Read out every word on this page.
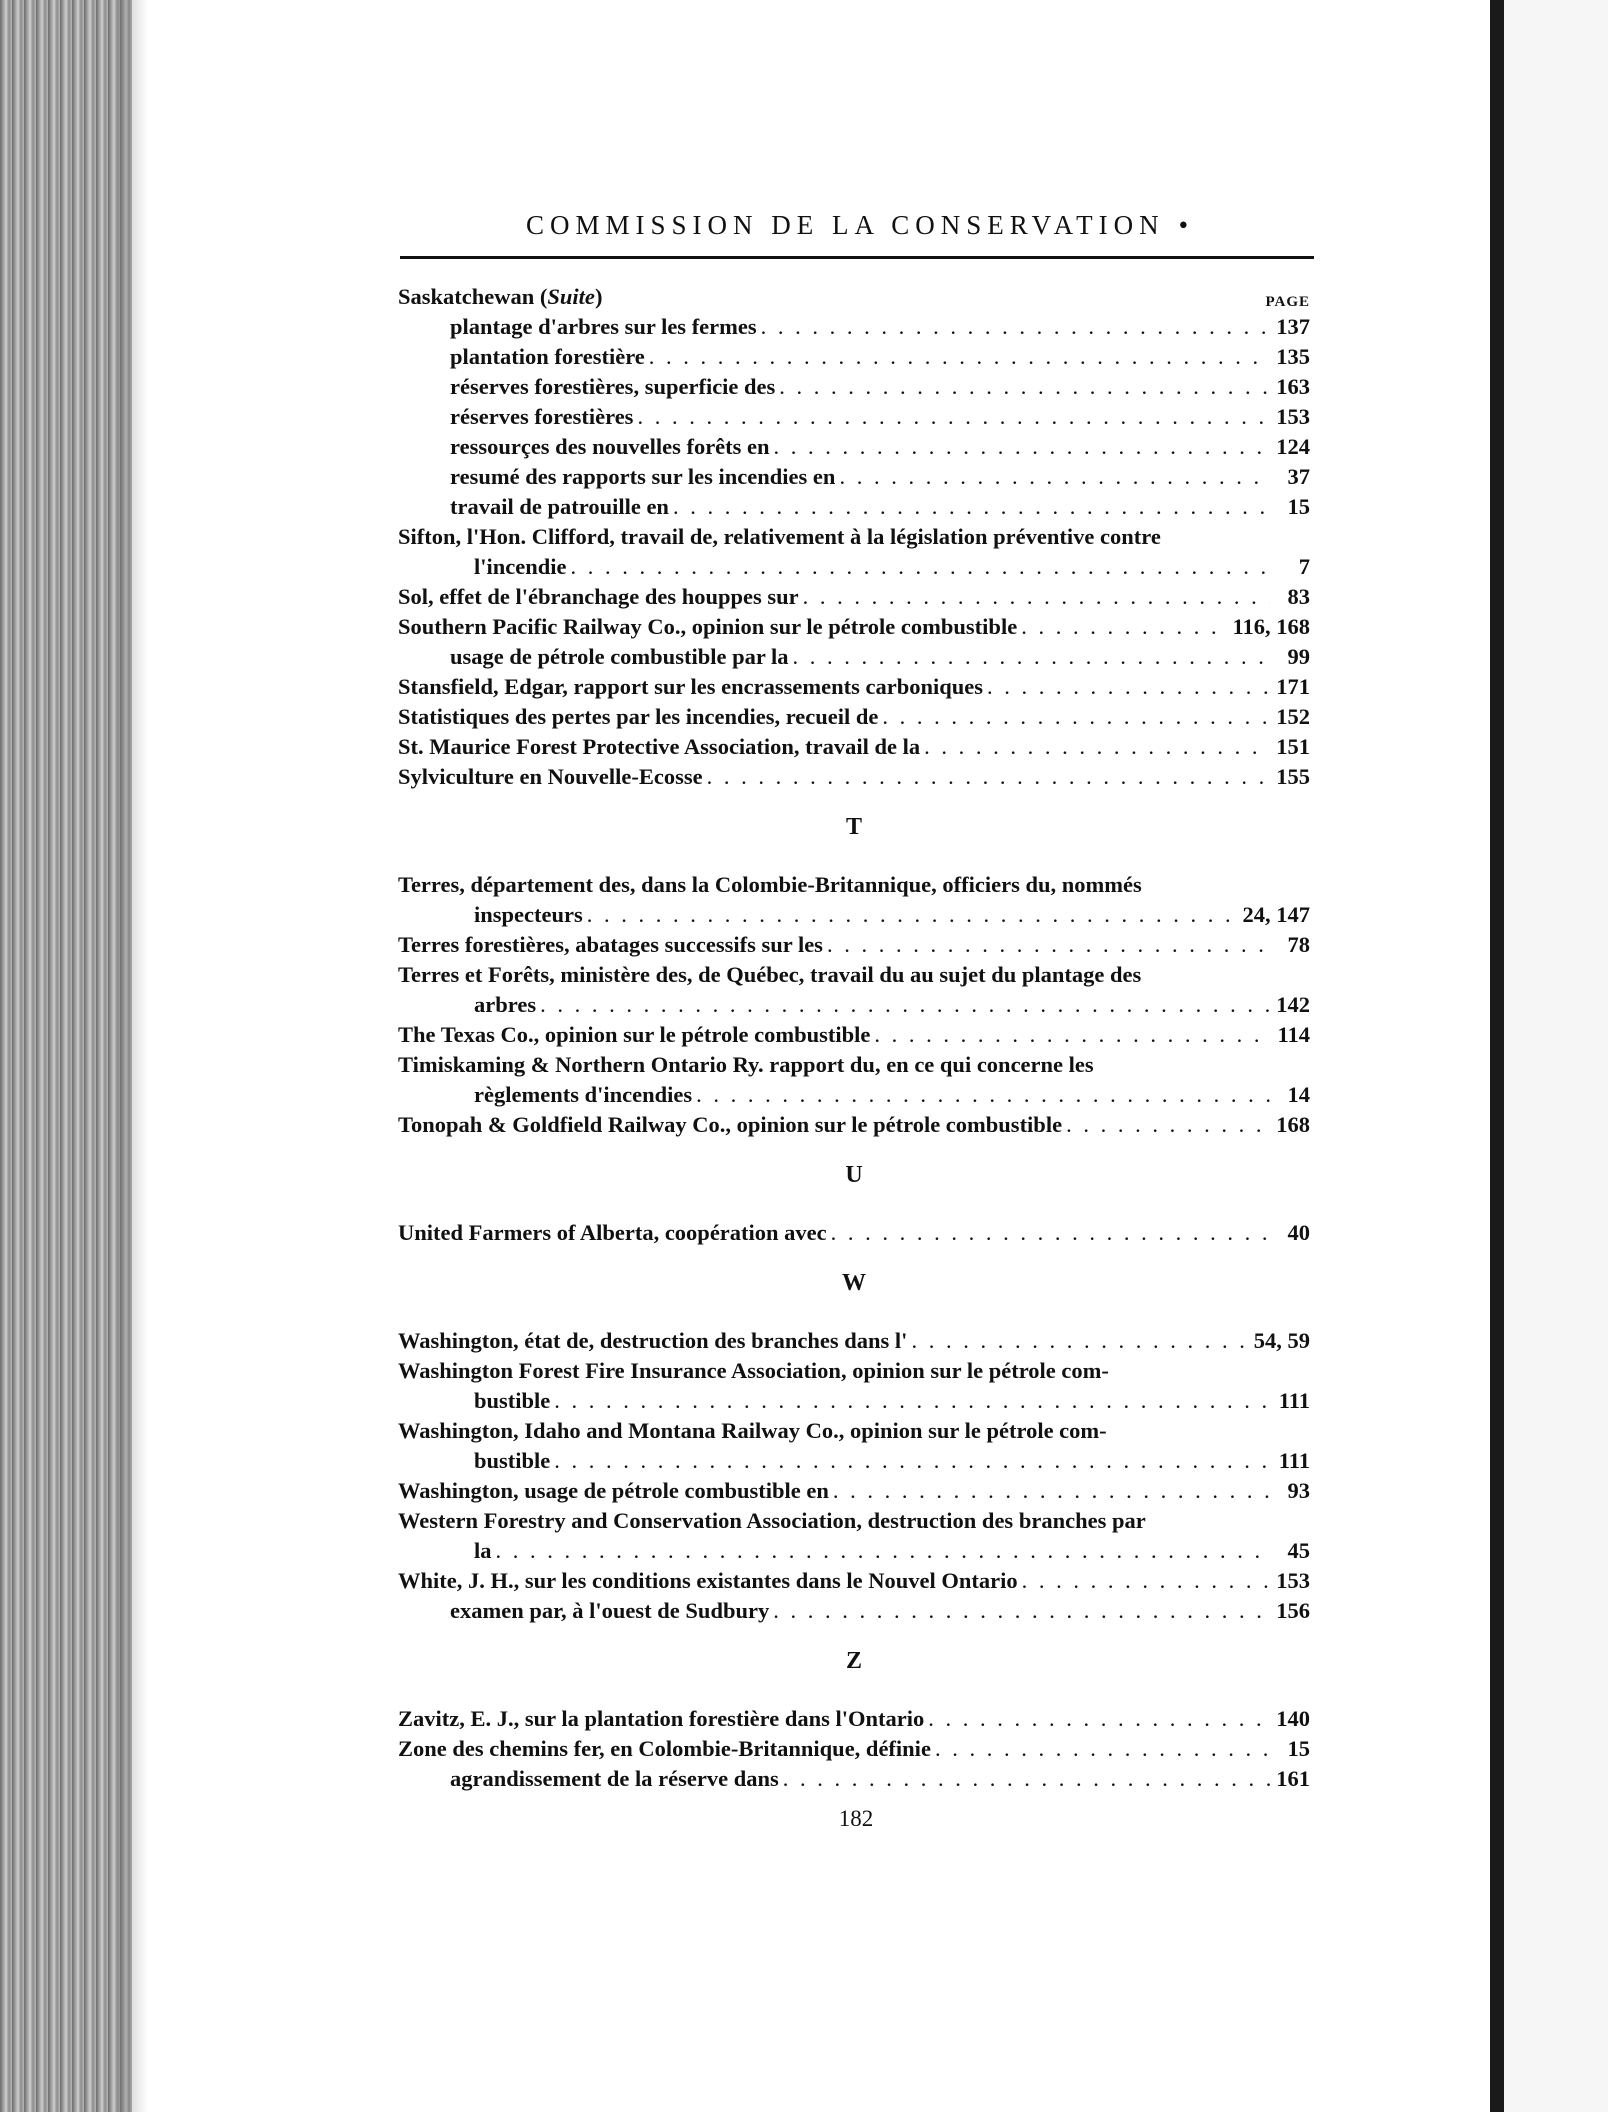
COMMISSION DE LA CONSERVATION •
PAGE
Saskatchewan (Suite)
plantage d'arbres sur les fermes . . .	137
plantation forestière . . .	135
réserves forestières, superficie des . . .	163
réserves forestières . . .	153
ressourçes des nouvelles forêts en . . .	124
resumé des rapports sur les incendies en . . .	37
travail de patrouille en . . .	15
Sifton, l'Hon. Clifford, travail de, relativement à la législation préventive contre
l'incendie . . .	7
Sol, effet de l'ébranchage des houppes sur . . .	83
Southern Pacific Railway Co., opinion sur le pétrole combustible . . .	116, 168
usage de pétrole combustible par la . . .	99
Stansfield, Edgar, rapport sur les encrassements carboniques . . .	171
Statistiques des pertes par les incendies, recueil de . . .	152
St. Maurice Forest Protective Association, travail de la . . .	151
Sylviculture en Nouvelle-Ecosse . . .	155
T
Terres, département des, dans la Colombie-Britannique, officiers du, nommés
inspecteurs . . .	24, 147
Terres forestières, abatages successifs sur les . . .	78
Terres et Forêts, ministère des, de Québec, travail du au sujet du plantage des
arbres . . .	142
The Texas Co., opinion sur le pétrole combustible . . .	114
Timiskaming & Northern Ontario Ry. rapport du, en ce qui concerne les
règlements d'incendies . . .	14
Tonopah & Goldfield Railway Co., opinion sur le pétrole combustible . . .	168
U
United Farmers of Alberta, coopération avec . . .	40
W
Washington, état de, destruction des branches dans l' . . .	54, 59
Washington Forest Fire Insurance Association, opinion sur le pétrole com-
bustible . . .	111
Washington, Idaho and Montana Railway Co., opinion sur le pétrole com-
bustible . . .	111
Washington, usage de pétrole combustible en . . .	93
Western Forestry and Conservation Association, destruction des branches par
la . . .	45
White, J. H., sur les conditions existantes dans le Nouvel Ontario . . .	153
examen par, à l'ouest de Sudbury . . .	156
Z
Zavitz, E. J., sur la plantation forestière dans l'Ontario . . .	140
Zone des chemins fer, en Colombie-Britannique, définie . . .	15
agrandissement de la réserve dans . . .	161
182
